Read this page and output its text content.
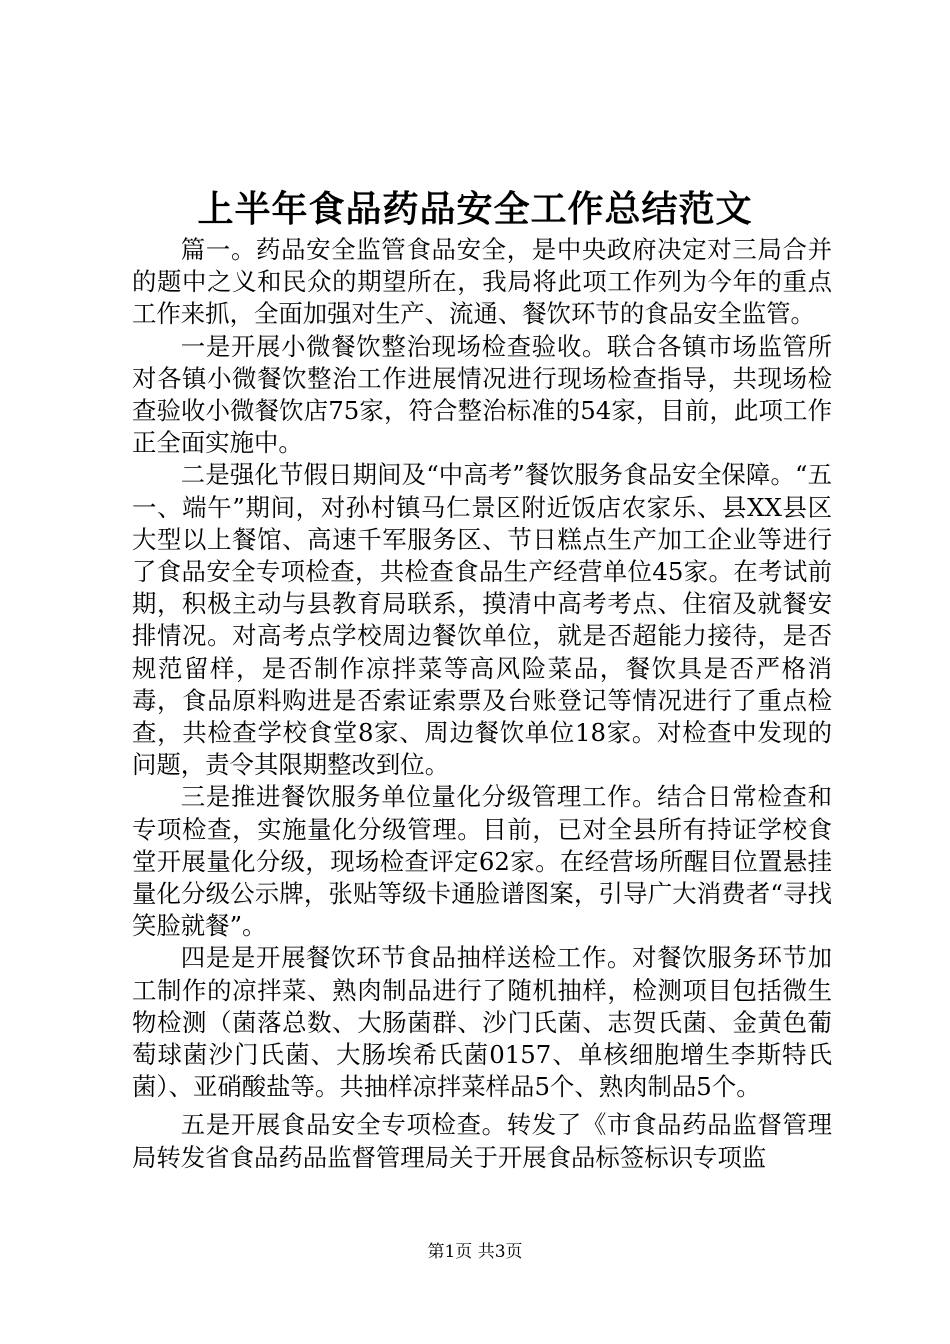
上半年食品药品安全工作总结范文

篇一。药品安全监管食品安全，是中央政府决定对三局合并的题中之义和民众的期望所在，我局将此项工作列为今年的重点工作来抓，全面加强对生产、流通、餐饮环节的食品安全监管。

一是开展小微餐饮整治现场检查验收。联合各镇市场监管所对各镇小微餐饮整治工作进展情况进行现场检查指导，共现场检查验收小微餐饮店75家，符合整治标准的54家，目前，此项工作正全面实施中。

二是强化节假日期间及“中高考”餐饮服务食品安全保障。“五一、端午”期间，对孙村镇马仁景区附近饭店农家乐、县XX县区大型以上餐馆、高速千军服务区、节日糕点生产加工企业等进行了食品安全专项检查，共检查食品生产经营单位45家。在考试前期，积极主动与县教育局联系，摸清中高考考点、住宿及就餐安排情况。对高考点学校周边餐饮单位，就是否超能力接待，是否规范留样，是否制作凉拌菜等高风险菜品，餐饮具是否严格消毒，食品原料购进是否索证索票及台账登记等情况进行了重点检查，共检查学校食堂8家、周边餐饮单位18家。对检查中发现的问题，责令其限期整改到位。

三是推进餐饮服务单位量化分级管理工作。结合日常检查和专项检查，实施量化分级管理。目前，已对全县所有持证学校食堂开展量化分级，现场检查评定62家。在经营场所醒目位置悬挂量化分级公示牌，张贴等级卡通脸谱图案，引导广大消费者“寻找笑脸就餐”。

四是是开展餐饮环节食品抽样送检工作。对餐饮服务环节加工制作的凉拌菜、熟肉制品进行了随机抽样，检测项目包括微生物检测（菌落总数、大肠菌群、沙门氏菌、志贺氏菌、金黄色葡萄球菌沙门氏菌、大肠埃希氏菌0157、单核细胞增生李斯特氏菌）、亚硝酸盐等。共抽样凉拌菜样品5个、熟肉制品5个。

五是开展食品安全专项检查。转发了《市食品药品监督管理局转发省食品药品监督管理局关于开展食品标签标识专项监

第1页 共3页
